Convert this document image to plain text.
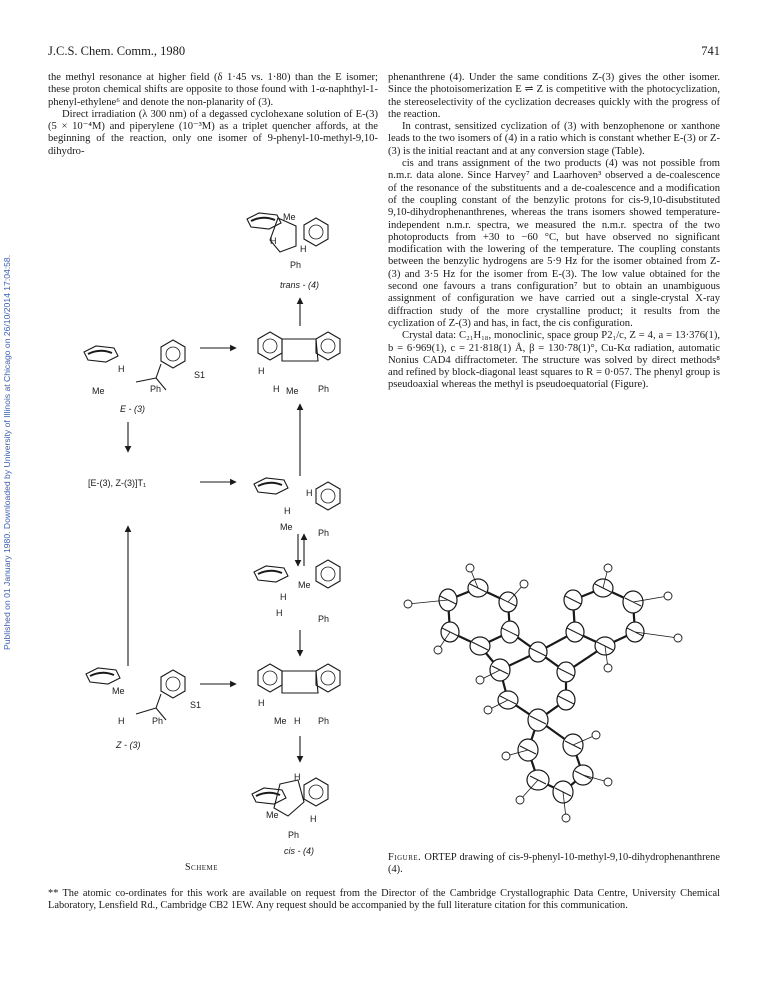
Published on 01 January 1980. Downloaded by University of Illinois at Chicago on 26/10/2014 17:04:58.
J.C.S. Chem. Comm., 1980	741

the methyl resonance at higher field (δ 1·45 vs. 1·80) than the E isomer; these proton chemical shifts are opposite to those found with 1-α-naphthyl-1-phenyl-ethylene⁶ and denote the non-planarity of (3).

Direct irradiation (λ 300 nm) of a degassed cyclohexane solution of E-(3) (5 × 10⁻⁴M) and piperylene (10⁻³M) as a triplet quencher affords, at the beginning of the reaction, only one isomer of 9-phenyl-10-methyl-9,10-dihydro-

phenanthrene (4). Under the same conditions Z-(3) gives the other isomer. Since the photoisomerization E ⇌ Z is competitive with the photocyclization, the stereoselectivity of the cyclization decreases quickly with the progress of the reaction.

In contrast, sensitized cyclization of (3) with benzophenone or xanthone leads to the two isomers of (4) in a ratio which is constant whether E-(3) or Z-(3) is the initial reactant and at any conversion stage (Table).

cis and trans assignment of the two products (4) was not possible from n.m.r. data alone. Since Harvey⁷ and Laarhoven³ observed a de-coalescence of the resonance of the substituents and a de-coalescence and a modification of the coupling constant of the benzylic protons for cis-9,10-disubstituted 9,10-dihydrophenanthrenes, whereas the trans isomers showed temperature-independent n.m.r. spectra, we measured the n.m.r. spectra of the two photoproducts from +30 to −60 °C, but have observed no significant modification with the lowering of the temperature. The coupling constants between the benzylic hydrogens are 5·9 Hz for the isomer obtained from Z-(3) and 3·5 Hz for the isomer from E-(3). The low value obtained for the second one favours a trans configuration⁷ but to obtain an unambiguous assignment of configuration we have carried out a single-crystal X-ray diffraction study of the more crystalline product; it results from the cyclization of Z-(3) and has, in fact, the cis configuration.

Crystal data: C₂₁H₁₈, monoclinic, space group P2₁/c, Z = 4, a = 13·376(1), b = 6·969(1), c = 21·818(1) Å, β = 130·78(1)°, Cu-Kα radiation, automatic Nonius CAD4 diffractometer. The structure was solved by direct methods⁸ and refined by block-diagonal least squares to R = 0·057. The phenyl group is pseudoaxial whereas the methyl is pseudoequatorial (Figure).

Me
H
H
Ph
trans - (4)
H
S1
Me	Ph
E - (3)
H
H Me Ph
[E-(3), Z-(3)]T₁
H
H
Me
Ph
Me
H
H
Ph
Me
S1
H	Ph
Z - (3)
H
Me H Ph
H
Me	H
Ph
cis - (4)
Scheme
Figure. ORTEP drawing of cis-9-phenyl-10-methyl-9,10-dihydrophenanthrene (4).
** The atomic co-ordinates for this work are available on request from the Director of the Cambridge Crystallographic Data Centre, University Chemical Laboratory, Lensfield Rd., Cambridge CB2 1EW. Any request should be accompanied by the full literature citation for this communication.
